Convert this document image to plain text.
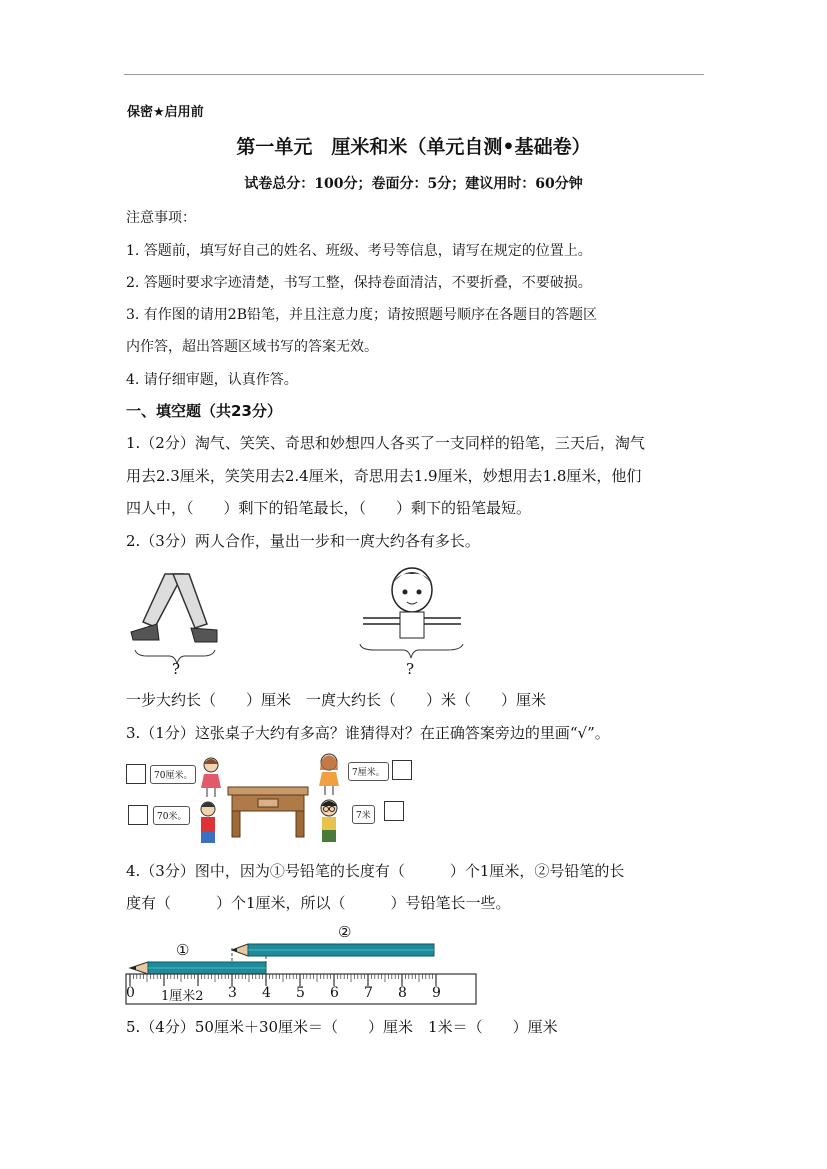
保密★启用前
第一单元　厘米和米（单元自测•基础卷）
试卷总分：100分；卷面分：5分；建议用时：60分钟
注意事项：
1. 答题前，填写好自己的姓名、班级、考号等信息，请写在规定的位置上。
2. 答题时要求字迹清楚，书写工整，保持卷面清洁，不要折叠，不要破损。
3. 有作图的请用2B铅笔，并且注意力度；请按照题号顺序在各题目的答题区
内作答，超出答题区域书写的答案无效。
4. 请仔细审题，认真作答。
一、填空题（共23分）
1.（2分）淘气、笑笑、奇思和妙想四人各买了一支同样的铅笔，三天后，淘气
用去2.3厘米，笑笑用去2.4厘米，奇思用去1.9厘米，妙想用去1.8厘米，他们
四人中，（　　）剩下的铅笔最长，（　　）剩下的铅笔最短。
2.（3分）两人合作，量出一步和一庹大约各有多长。
?	?
一步大约长（　　）厘米　一庹大约长（　　）米（　　）厘米
3.（1分）这张桌子大约有多高？谁猜得对？在正确答案旁边的里画“√”。
70厘米。	7厘米。
70米。	7米
4.（3分）图中，因为①号铅笔的长度有（　　　）个1厘米，②号铅笔的长
度有（　　　）个1厘米，所以（　　　）号铅笔长一些。
①
②
0 1厘米2 3 4 5 6 7 8 9
5.（4分）50厘米＋30厘米＝（　　）厘米　1米＝（　　）厘米
